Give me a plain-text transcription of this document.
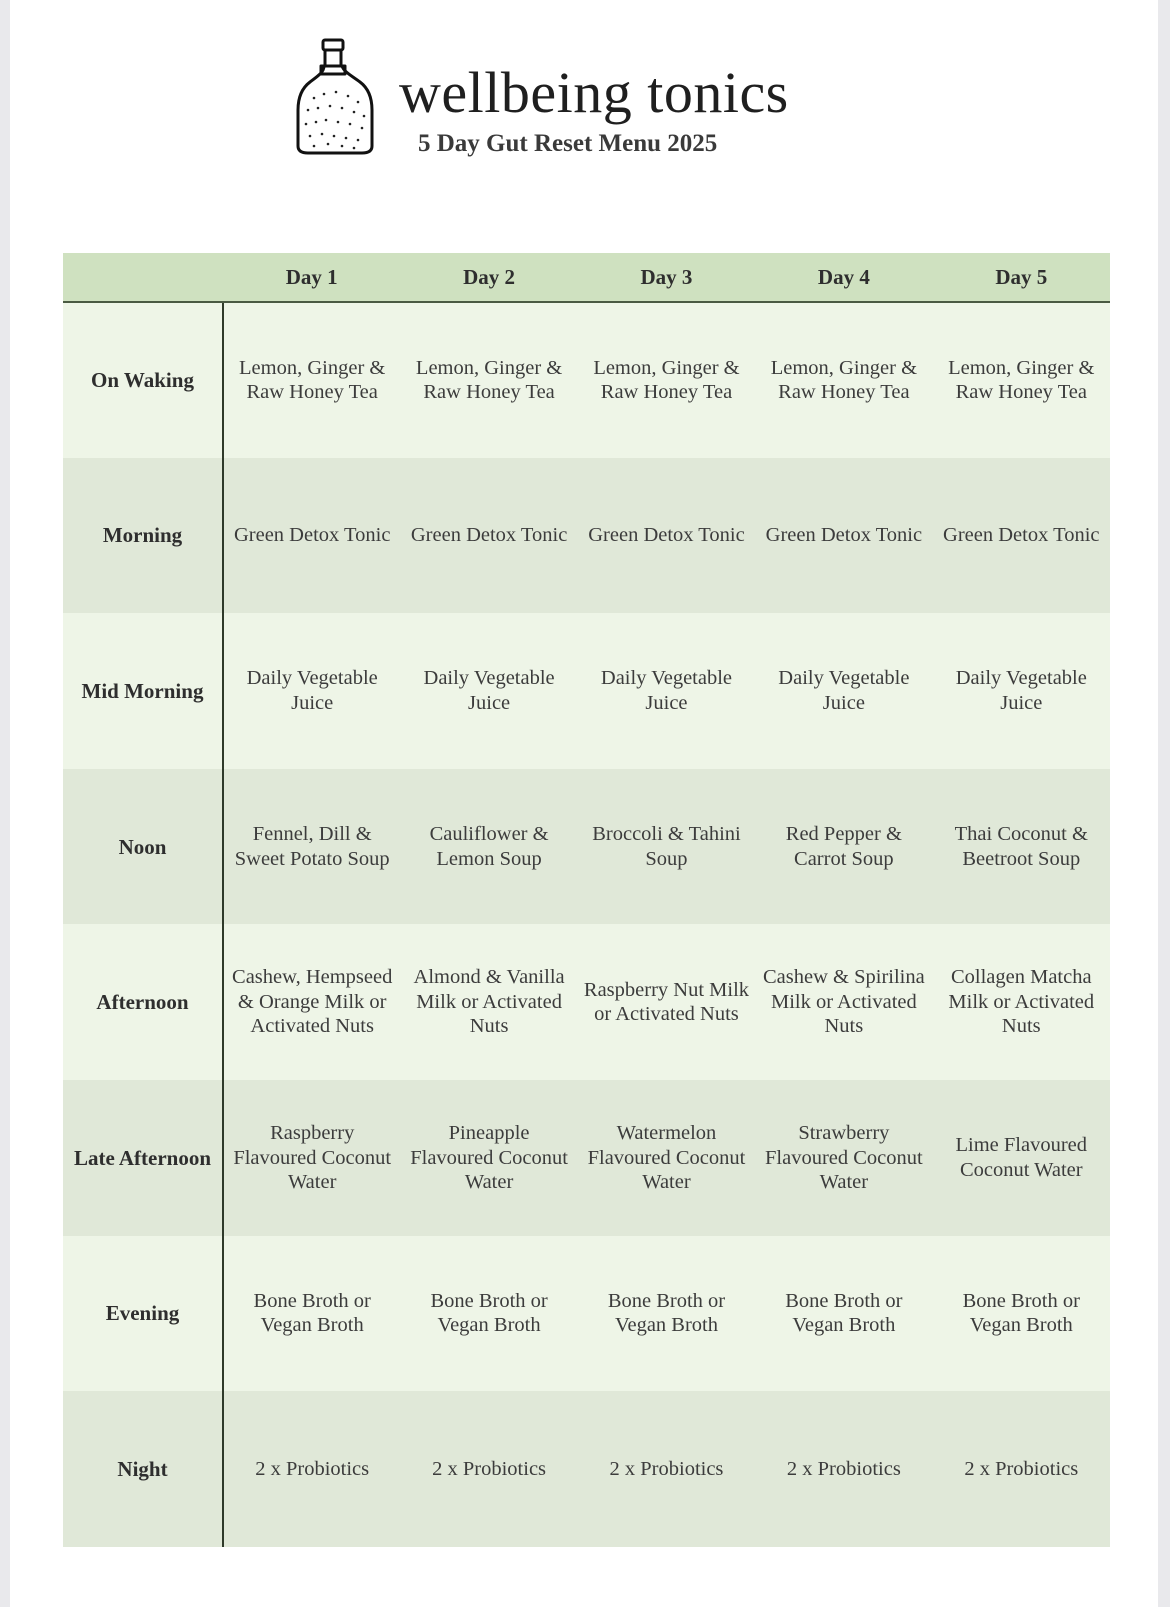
wellbeing tonics
5 Day Gut Reset Menu 2025
	Day 1	Day 2	Day 3	Day 4	Day 5
On Waking	Lemon, Ginger & Raw Honey Tea	Lemon, Ginger & Raw Honey Tea	Lemon, Ginger & Raw Honey Tea	Lemon, Ginger & Raw Honey Tea	Lemon, Ginger & Raw Honey Tea
Morning	Green Detox Tonic	Green Detox Tonic	Green Detox Tonic	Green Detox Tonic	Green Detox Tonic
Mid Morning	Daily Vegetable Juice	Daily Vegetable Juice	Daily Vegetable Juice	Daily Vegetable Juice	Daily Vegetable Juice
Noon	Fennel, Dill & Sweet Potato Soup	Cauliflower & Lemon Soup	Broccoli & Tahini Soup	Red Pepper & Carrot Soup	Thai Coconut & Beetroot Soup
Afternoon	Cashew, Hempseed & Orange Milk or Activated Nuts	Almond & Vanilla Milk or Activated Nuts	Raspberry Nut Milk or Activated Nuts	Cashew & Spirilina Milk or Activated Nuts	Collagen Matcha Milk or Activated Nuts
Late Afternoon	Raspberry Flavoured Coconut Water	Pineapple Flavoured Coconut Water	Watermelon Flavoured Coconut Water	Strawberry Flavoured Coconut Water	Lime Flavoured Coconut Water
Evening	Bone Broth or Vegan Broth	Bone Broth or Vegan Broth	Bone Broth or Vegan Broth	Bone Broth or Vegan Broth	Bone Broth or Vegan Broth
Night	2 x Probiotics	2 x Probiotics	2 x Probiotics	2 x Probiotics	2 x Probiotics
